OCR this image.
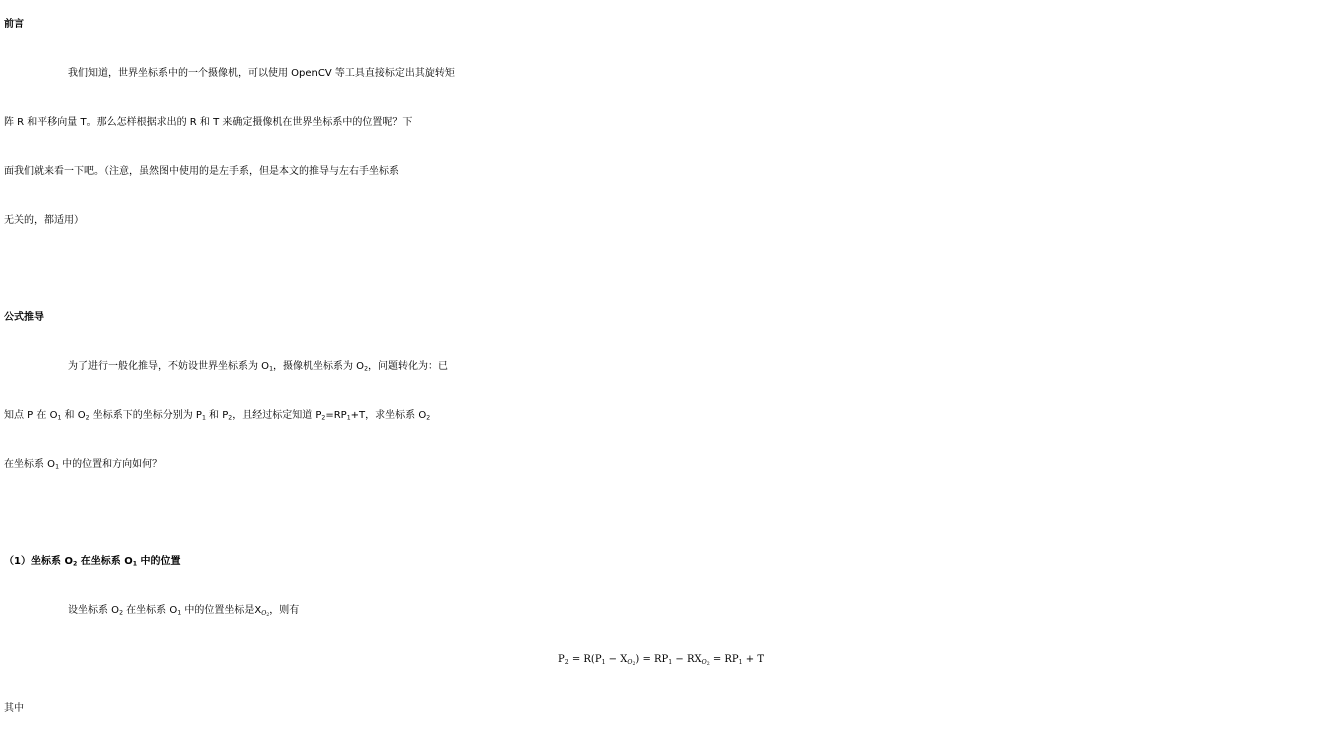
前言
我们知道，世界坐标系中的一个摄像机，可以使用 OpenCV 等工具直接标定出其旋转矩
阵 R 和平移向量 T。那么怎样根据求出的 R 和 T 来确定摄像机在世界坐标系中的位置呢？下
面我们就来看一下吧。（注意，虽然图中使用的是左手系，但是本文的推导与左右手坐标系
无关的，都适用）
公式推导
为了进行一般化推导，不妨设世界坐标系为 $O_1$，摄像机坐标系为 $O_2$，问题转化为：已
知点 P 在 $O_1$ 和 $O_2$ 坐标系下的坐标分别为 $P_1$ 和 $P_2$，且经过标定知道 $P_2=RP_1+T$，求坐标系 $O_2$
在坐标系 $O_1$ 中的位置和方向如何？
（1）坐标系 $O_2$ 在坐标系 $O_1$ 中的位置
设坐标系 $O_2$ 在坐标系 $O_1$ 中的位置坐标是XO2，则有
P2 = R(P1 − XO2) = RP1 − RXO2 = RP1 + T
其中
